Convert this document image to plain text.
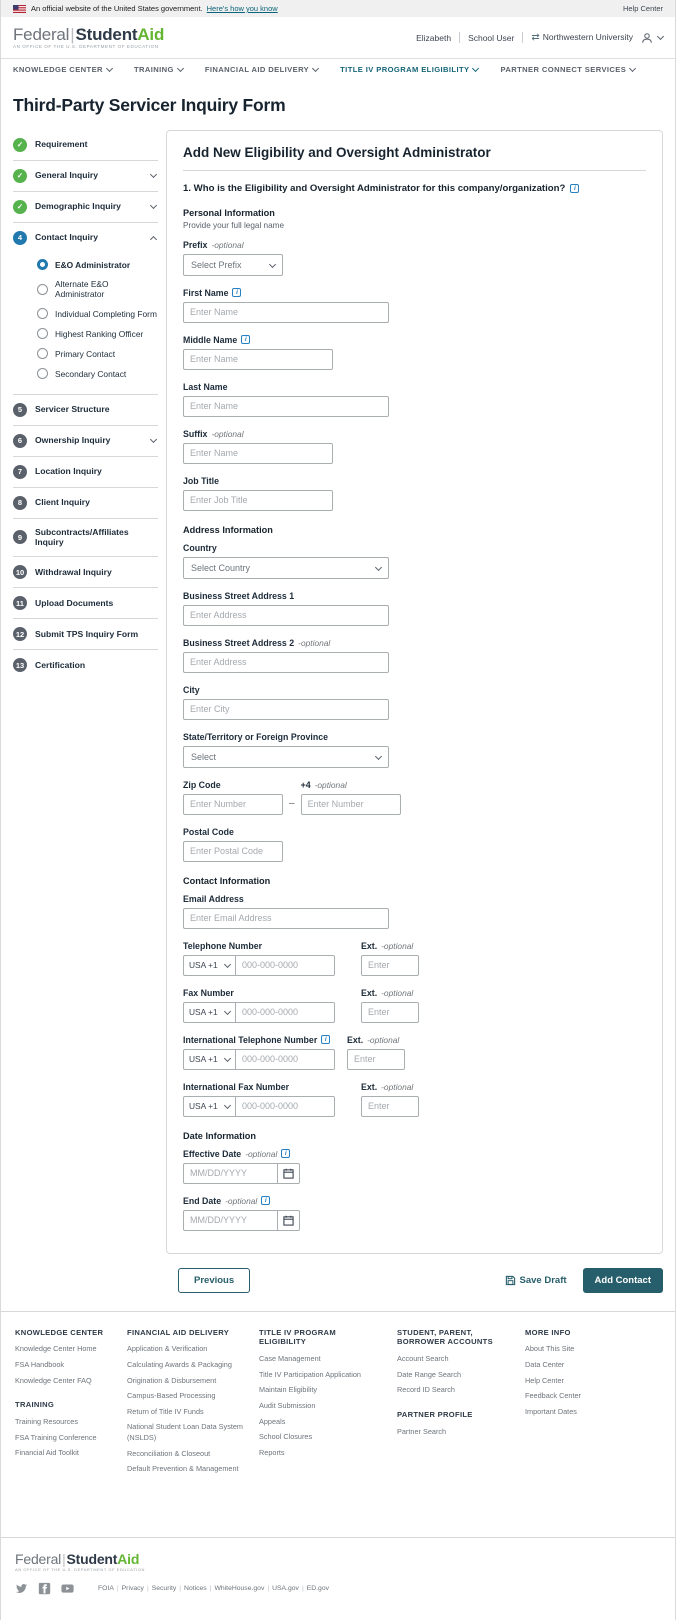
An official website of the United States government. Here's how you know	Help Center
Federal|StudentAid
AN OFFICE OF THE U.S. DEPARTMENT OF EDUCATION
Elizabeth School User ⇄ Northwestern University
KNOWLEDGE CENTER	TRAINING	FINANCIAL AID DELIVERY	TITLE IV PROGRAM ELIGIBILITY	PARTNER CONNECT SERVICES
Third-Party Servicer Inquiry Form
✓	Requirement
✓	General Inquiry
✓	Demographic Inquiry
4	Contact Inquiry
E&O Administrator
Alternate E&O Administrator
Individual Completing Form
Highest Ranking Officer
Primary Contact
Secondary Contact
5	Servicer Structure
6	Ownership Inquiry
7	Location Inquiry
8	Client Inquiry
9
Subcontracts/Affiliates Inquiry
10	Withdrawal Inquiry
11	Upload Documents
12	Submit TPS Inquiry Form
13	Certification
Add New Eligibility and Oversight Administrator
1. Who is the Eligibility and Oversight Administrator for this company/organization?	i
Personal Information
Provide your full legal name
Prefix -optional
Select Prefix
First Name	i
Enter Name
Middle Name	i
Enter Name
Last Name
Enter Name
Suffix -optional
Enter Name
Job Title
Enter Job Title
Address Information
Country
Select Country
Business Street Address 1
Enter Address
Business Street Address 2 -optional
Enter Address
City
Enter City
State/Territory or Foreign Province
Select
Zip Code
Enter Number
–
+4 -optional
Enter Number
Postal Code
Enter Postal Code
Contact Information
Email Address
Enter Email Address
Telephone Number
USA +1
000-000-0000
Ext. -optional
Enter
Fax Number
USA +1
000-000-0000
Ext. -optional
Enter
International Telephone Number	i
USA +1
000-000-0000
Ext. -optional
Enter
International Fax Number
USA +1
000-000-0000
Ext. -optional
Enter
Date Information
Effective Date -optional	i
MM/DD/YYYY
End Date -optional	i
MM/DD/YYYY
Previous	Save Draft	Add Contact
KNOWLEDGE CENTER
Knowledge Center Home
FSA Handbook
Knowledge Center FAQ
TRAINING
Training Resources
FSA Training Conference
Financial Aid Toolkit
FINANCIAL AID DELIVERY
Application & Verification
Calculating Awards & Packaging
Origination & Disbursement
Campus-Based Processing
Return of Title IV Funds
National Student Loan Data System (NSLDS)
Reconciliation & Closeout
Default Prevention & Management
TITLE IV PROGRAM ELIGIBILITY
Case Management
Title IV Participation Application
Maintain Eligibility
Audit Submission
Appeals
School Closures
Reports
STUDENT, PARENT, BORROWER ACCOUNTS
Account Search
Date Range Search
Record ID Search
PARTNER PROFILE
Partner Search
MORE INFO
About This Site
Data Center
Help Center
Feedback Center
Important Dates
Federal|StudentAid
AN OFFICE OF THE U.S. DEPARTMENT OF EDUCATION
FOIA | Privacy | Security | Notices | WhiteHouse.gov | USA.gov | ED.gov
